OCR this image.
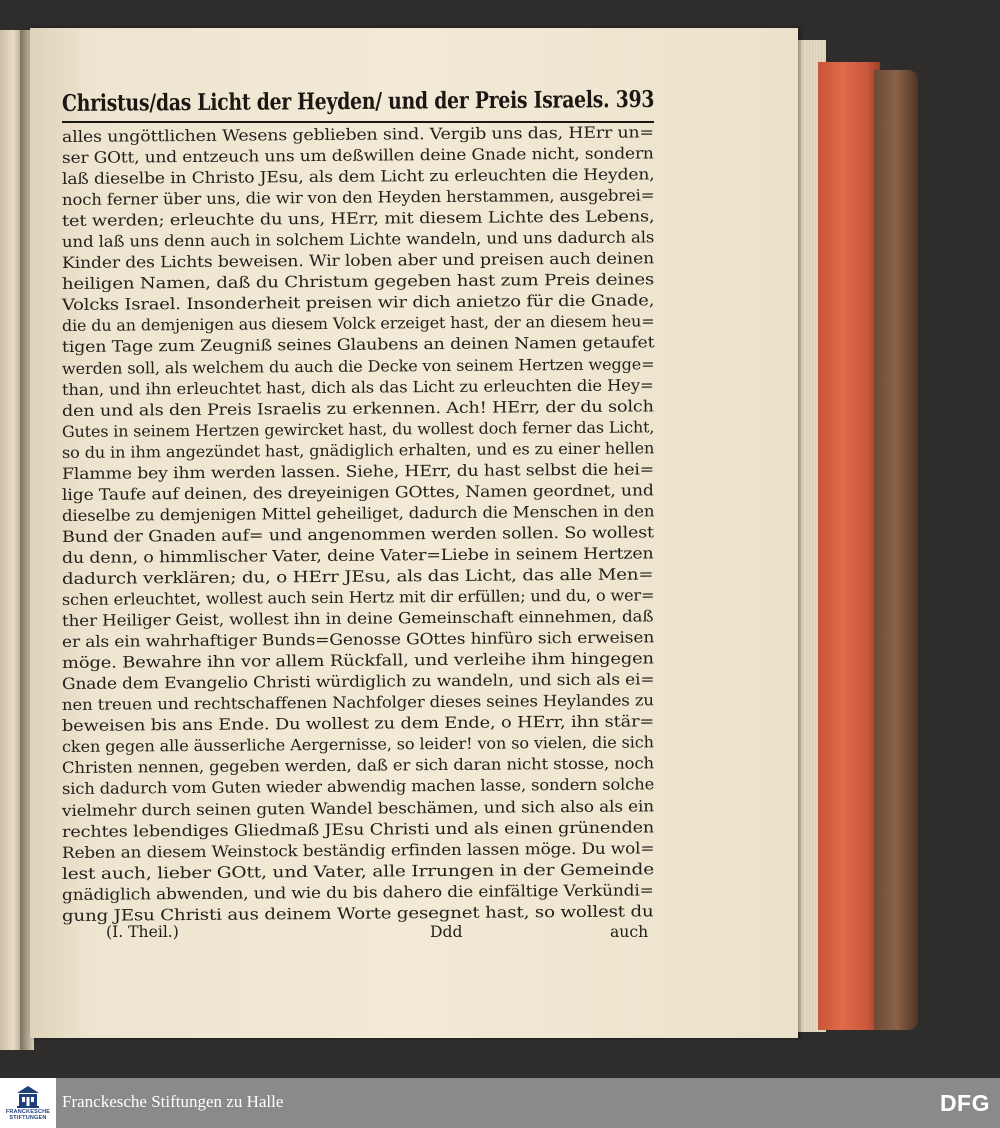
Christus/das Licht der Heyden/ und der Preis Israels. 393
alles ungöttlichen Wesens geblieben sind. Vergib uns das, HErr un=
ser GOtt, und entzeuch uns um deßwillen deine Gnade nicht, sondern
laß dieselbe in Christo JEsu, als dem Licht zu erleuchten die Heyden,
noch ferner über uns, die wir von den Heyden herstammen, ausgebrei=
tet werden; erleuchte du uns, HErr, mit diesem Lichte des Lebens,
und laß uns denn auch in solchem Lichte wandeln, und uns dadurch als
Kinder des Lichts beweisen. Wir loben aber und preisen auch deinen
heiligen Namen, daß du Christum gegeben hast zum Preis deines
Volcks Israel. Insonderheit preisen wir dich anietzo für die Gnade,
die du an demjenigen aus diesem Volck erzeiget hast, der an diesem heu=
tigen Tage zum Zeugniß seines Glaubens an deinen Namen getaufet
werden soll, als welchem du auch die Decke von seinem Hertzen wegge=
than, und ihn erleuchtet hast, dich als das Licht zu erleuchten die Hey=
den und als den Preis Israelis zu erkennen. Ach! HErr, der du solch
Gutes in seinem Hertzen gewircket hast, du wollest doch ferner das Licht,
so du in ihm angezündet hast, gnädiglich erhalten, und es zu einer hellen
Flamme bey ihm werden lassen. Siehe, HErr, du hast selbst die hei=
lige Taufe auf deinen, des dreyeinigen GOttes, Namen geordnet, und
dieselbe zu demjenigen Mittel geheiliget, dadurch die Menschen in den
Bund der Gnaden auf= und angenommen werden sollen. So wollest
du denn, o himmlischer Vater, deine Vater=Liebe in seinem Hertzen
dadurch verklären; du, o HErr JEsu, als das Licht, das alle Men=
schen erleuchtet, wollest auch sein Hertz mit dir erfüllen; und du, o wer=
ther Heiliger Geist, wollest ihn in deine Gemeinschaft einnehmen, daß
er als ein wahrhaftiger Bunds=Genosse GOttes hinfüro sich erweisen
möge. Bewahre ihn vor allem Rückfall, und verleihe ihm hingegen
Gnade dem Evangelio Christi würdiglich zu wandeln, und sich als ei=
nen treuen und rechtschaffenen Nachfolger dieses seines Heylandes zu
beweisen bis ans Ende. Du wollest zu dem Ende, o HErr, ihn stär=
cken gegen alle äusserliche Aergernisse, so leider! von so vielen, die sich
Christen nennen, gegeben werden, daß er sich daran nicht stosse, noch
sich dadurch vom Guten wieder abwendig machen lasse, sondern solche
vielmehr durch seinen guten Wandel beschämen, und sich also als ein
rechtes lebendiges Gliedmaß JEsu Christi und als einen grünenden
Reben an diesem Weinstock beständig erfinden lassen möge. Du wol=
lest auch, lieber GOtt, und Vater, alle Irrungen in der Gemeinde
gnädiglich abwenden, und wie du bis dahero die einfältige Verkündi=
gung JEsu Christi aus deinem Worte gesegnet hast, so wollest du
(I. Theil.)	Ddd	auch
FRANCKESCHE
STIFTUNGEN
Franckesche Stiftungen zu Halle	DFG
